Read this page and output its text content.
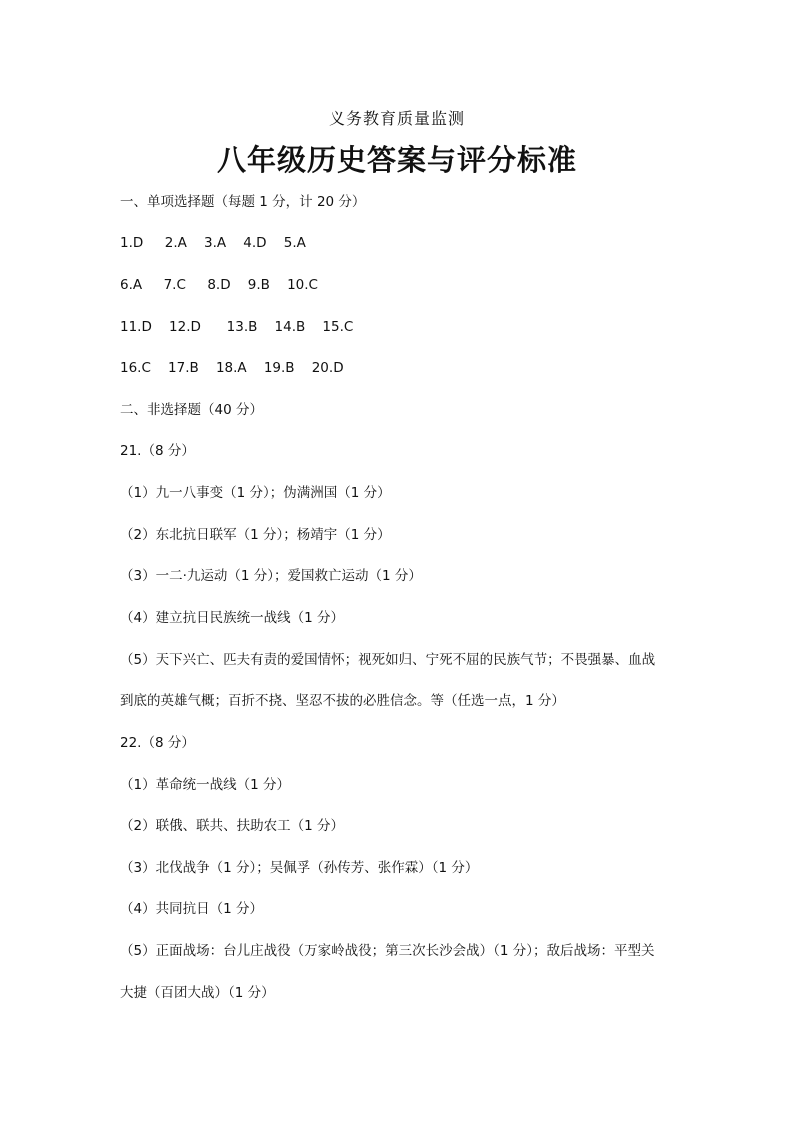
义务教育质量监测
八年级历史答案与评分标准
一、单项选择题（每题 1 分，计 20 分）
1.D     2.A    3.A    4.D    5.A
6.A     7.C     8.D    9.B    10.C
11.D    12.D      13.B    14.B    15.C
16.C    17.B    18.A    19.B    20.D
二、非选择题（40 分）
21.（8 分）
（1）九一八事变（1 分）；伪满洲国（1 分）
（2）东北抗日联军（1 分）；杨靖宇（1 分）
（3）一二·九运动（1 分）；爱国救亡运动（1 分）
（4）建立抗日民族统一战线（1 分）
（5）天下兴亡、匹夫有责的爱国情怀；视死如归、宁死不屈的民族气节；不畏强暴、血战
到底的英雄气概；百折不挠、坚忍不拔的必胜信念。等（任选一点，1 分）
22.（8 分）
（1）革命统一战线（1 分）
（2）联俄、联共、扶助农工（1 分）
（3）北伐战争（1 分）；吴佩孚（孙传芳、张作霖）（1 分）
（4）共同抗日（1 分）
（5）正面战场：台儿庄战役（万家岭战役；第三次长沙会战）（1 分）；敌后战场：平型关
大捷（百团大战）（1 分）
